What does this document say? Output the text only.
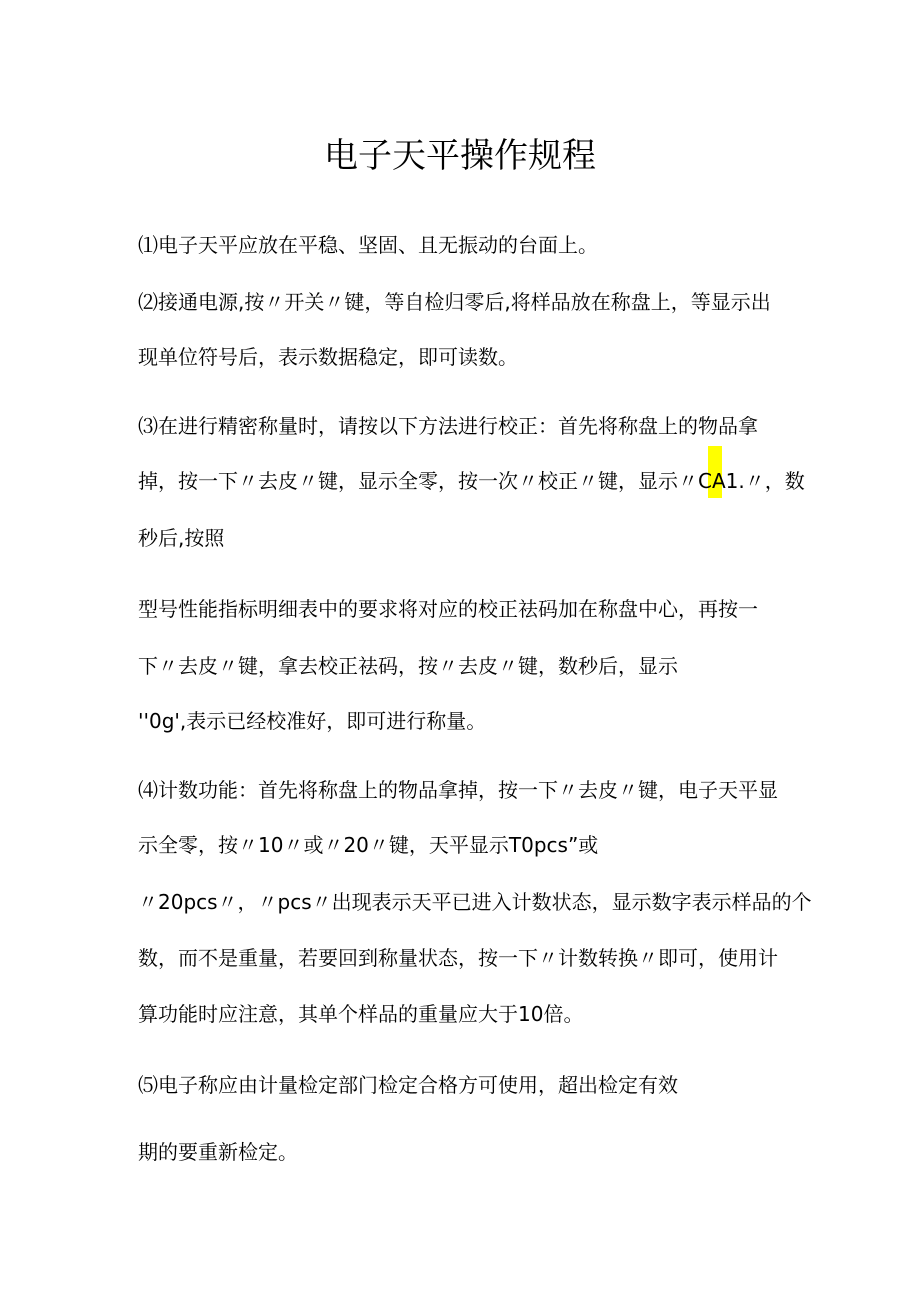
电子天平操作规程

⑴电子天平应放在平稳、坚固、且无振动的台面上。

⑵接通电源,按〃开关〃键，等自检归零后,将样品放在称盘上，等显示出

现单位符号后，表示数据稳定，即可读数。

⑶在进行精密称量时，请按以下方法进行校正：首先将称盘上的物品拿

掉，按一下〃去皮〃键，显示全零，按一次〃校正〃键，显示〃CA1.〃，数

秒后,按照

型号性能指标明细表中的要求将对应的校正祛码加在称盘中心，再按一

下〃去皮〃键，拿去校正祛码，按〃去皮〃键，数秒后，显示

''0g',表示已经校准好，即可进行称量。

⑷计数功能：首先将称盘上的物品拿掉，按一下〃去皮〃键，电子天平显

示全零，按〃10〃或〃20〃键，天平显示T0pcs”或

〃20pcs〃，〃pcs〃出现表示天平已进入计数状态，显示数字表示样品的个

数，而不是重量，若要回到称量状态，按一下〃计数转换〃即可，使用计

算功能时应注意，其单个样品的重量应大于10倍。

⑸电子称应由计量检定部门检定合格方可使用，超出检定有效

期的要重新检定。
